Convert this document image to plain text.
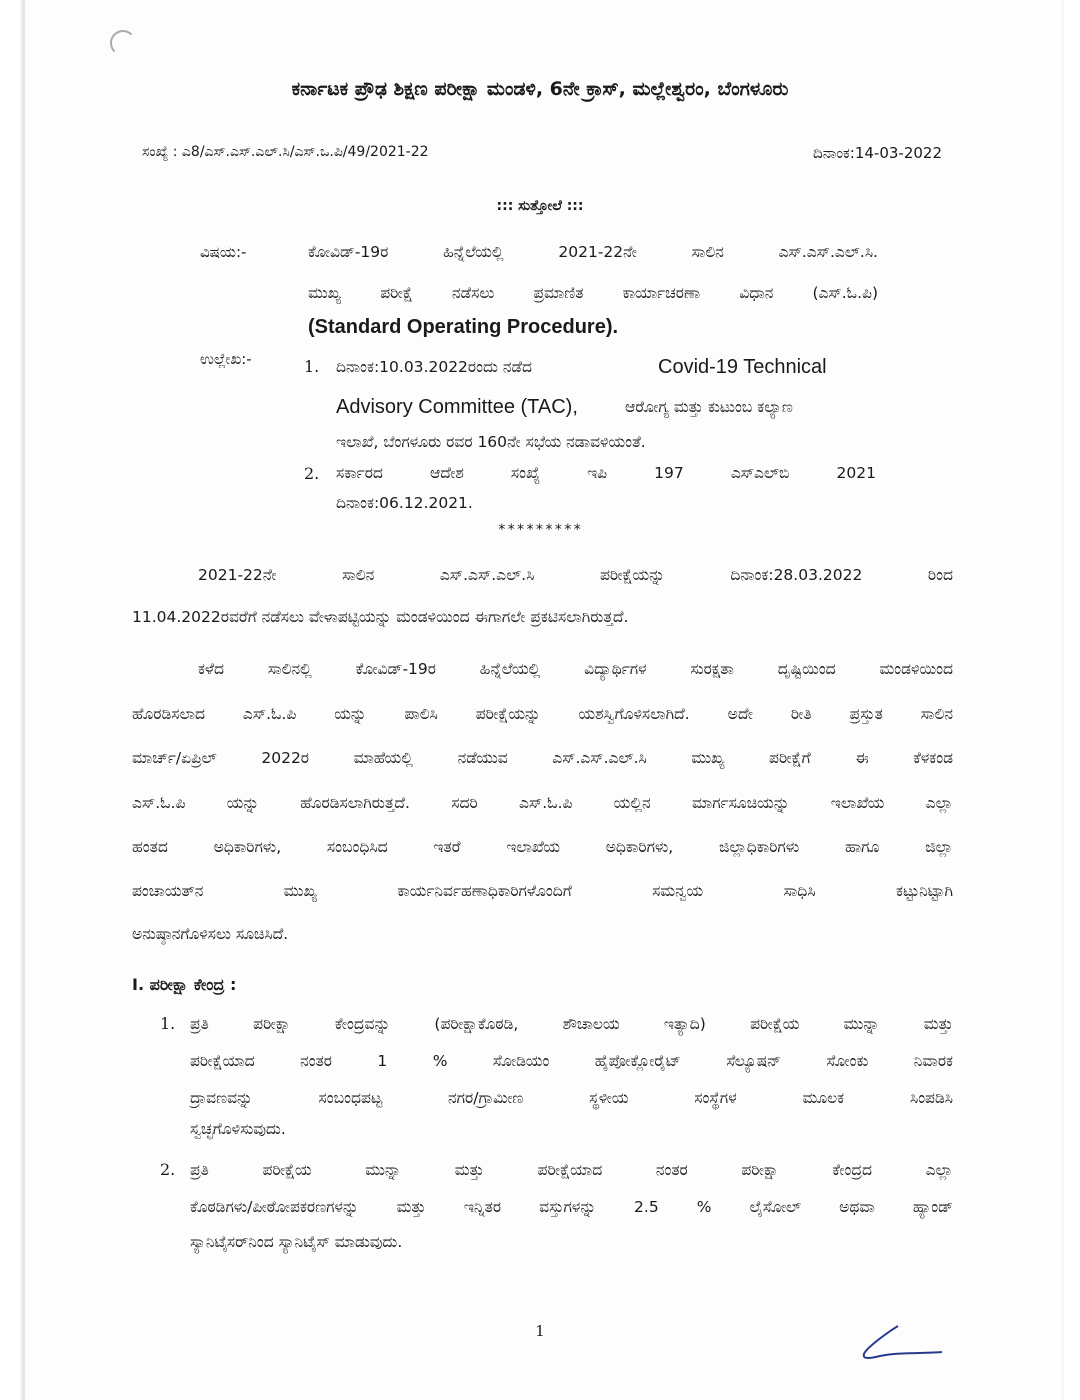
ಕರ್ನಾಟಕ ಪ್ರೌಢ ಶಿಕ್ಷಣ ಪರೀಕ್ಷಾ ಮಂಡಳಿ, 6ನೇ ಕ್ರಾಸ್, ಮಲ್ಲೇಶ್ವರಂ, ಬೆಂಗಳೂರು
ಸಂಖ್ಯೆ : ಎ8/ಎಸ್.ಎಸ್.ಎಲ್.ಸಿ/ಎಸ್.ಒ.ಪಿ/49/2021-22	ದಿನಾಂಕ:14-03-2022
::: ಸುತ್ತೋಲೆ :::
ವಿಷಯ:-	ಕೋವಿಡ್-19ರ ಹಿನ್ನೆಲೆಯಲ್ಲಿ 2021-22ನೇ ಸಾಲಿನ ಎಸ್.ಎಸ್.ಎಲ್.ಸಿ.
ಮುಖ್ಯ ಪರೀಕ್ಷೆ ನಡೆಸಲು ಪ್ರಮಾಣಿತ ಕಾರ್ಯಾಚರಣಾ ವಿಧಾನ (ಎಸ್.ಓ.ಪಿ)
(Standard Operating Procedure).
ಉಲ್ಲೇಖ:-	1. ದಿನಾಂಕ:10.03.2022ರಂದು ನಡೆದ	Covid-19 Technical
Advisory Committee (TAC),	ಆರೋಗ್ಯ ಮತ್ತು ಕುಟುಂಬ ಕಲ್ಯಾಣ
ಇಲಾಖೆ, ಬೆಂಗಳೂರು ರವರ 160ನೇ ಸಭೆಯ ನಡಾವಳಿಯಂತೆ.
2. ಸರ್ಕಾರದ ಆದೇಶ ಸಂಖ್ಯೆ ಇಪಿ 197 ಎಸ್‌ಎಲ್‌ಬಿ 2021
ದಿನಾಂಕ:06.12.2021.
*********
2021-22ನೇ ಸಾಲಿನ ಎಸ್.ಎಸ್.ಎಲ್.ಸಿ ಪರೀಕ್ಷೆಯನ್ನು ದಿನಾಂಕ:28.03.2022 ರಿಂದ
11.04.2022ರವರೆಗೆ ನಡೆಸಲು ವೇಳಾಪಟ್ಟಿಯನ್ನು ಮಂಡಳಿಯಿಂದ ಈಗಾಗಲೇ ಪ್ರಕಟಿಸಲಾಗಿರುತ್ತದೆ.
ಕಳೆದ ಸಾಲಿನಲ್ಲಿ ಕೋವಿಡ್-19ರ ಹಿನ್ನೆಲೆಯಲ್ಲಿ ವಿದ್ಯಾರ್ಥಿಗಳ ಸುರಕ್ಷತಾ ದೃಷ್ಟಿಯಿಂದ ಮಂಡಳಿಯಿಂದ
ಹೊರಡಿಸಲಾದ ಎಸ್.ಓ.ಪಿ ಯನ್ನು ಪಾಲಿಸಿ ಪರೀಕ್ಷೆಯನ್ನು ಯಶಸ್ವಿಗೊಳಿಸಲಾಗಿದೆ. ಅದೇ ರೀತಿ ಪ್ರಸ್ತುತ ಸಾಲಿನ
ಮಾರ್ಚ್/ಏಪ್ರಿಲ್ 2022ರ ಮಾಹೆಯಲ್ಲಿ ನಡೆಯುವ ಎಸ್.ಎಸ್.ಎಲ್.ಸಿ ಮುಖ್ಯ ಪರೀಕ್ಷೆಗೆ ಈ ಕೆಳಕಂಡ
ಎಸ್.ಓ.ಪಿ ಯನ್ನು ಹೊರಡಿಸಲಾಗಿರುತ್ತದೆ. ಸದರಿ ಎಸ್.ಓ.ಪಿ ಯಲ್ಲಿನ ಮಾರ್ಗಸೂಚಿಯನ್ನು ಇಲಾಖೆಯ ಎಲ್ಲಾ
ಹಂತದ ಅಧಿಕಾರಿಗಳು, ಸಂಬಂಧಿಸಿದ ಇತರೆ ಇಲಾಖೆಯ ಅಧಿಕಾರಿಗಳು, ಜಿಲ್ಲಾಧಿಕಾರಿಗಳು ಹಾಗೂ ಜಿಲ್ಲಾ
ಪಂಚಾಯತ್‌ನ ಮುಖ್ಯ ಕಾರ್ಯನಿರ್ವಹಣಾಧಿಕಾರಿಗಳೊಂದಿಗೆ ಸಮನ್ವಯ ಸಾಧಿಸಿ ಕಟ್ಟುನಿಟ್ಟಾಗಿ
ಅನುಷ್ಠಾನಗೊಳಿಸಲು ಸೂಚಿಸಿದೆ.
I. ಪರೀಕ್ಷಾ ಕೇಂದ್ರ :
1. ಪ್ರತಿ ಪರೀಕ್ಷಾ ಕೇಂದ್ರವನ್ನು (ಪರೀಕ್ಷಾಕೊಠಡಿ, ಶೌಚಾಲಯ ಇತ್ಯಾದಿ) ಪರೀಕ್ಷೆಯ ಮುನ್ನಾ ಮತ್ತು
ಪರೀಕ್ಷೆಯಾದ ನಂತರ 1 % ಸೋಡಿಯಂ ಹೈಪೋಕ್ಲೋರೈಟ್ ಸೆಲ್ಯೂಷನ್ ಸೋಂಕು ನಿವಾರಕ
ದ್ರಾವಣವನ್ನು ಸಂಬಂಧಪಟ್ಟ ನಗರ/ಗ್ರಾಮೀಣ ಸ್ಥಳೀಯ ಸಂಸ್ಥೆಗಳ ಮೂಲಕ ಸಿಂಪಡಿಸಿ
ಸ್ವಚ್ಛಗೊಳಿಸುವುದು.
2. ಪ್ರತಿ ಪರೀಕ್ಷೆಯ ಮುನ್ನಾ ಮತ್ತು ಪರೀಕ್ಷೆಯಾದ ನಂತರ ಪರೀಕ್ಷಾ ಕೇಂದ್ರದ ಎಲ್ಲಾ
ಕೊಠಡಿಗಳು/ಪೀಠೋಪಕರಣಗಳನ್ನು ಮತ್ತು ಇನ್ನಿತರ ವಸ್ತುಗಳನ್ನು 2.5 % ಲೈಸೋಲ್ ಅಥವಾ ಹ್ಯಾಂಡ್
ಸ್ಯಾನಿಟೈಸರ್‌ನಿಂದ ಸ್ಯಾನಿಟೈಸ್ ಮಾಡುವುದು.
1
